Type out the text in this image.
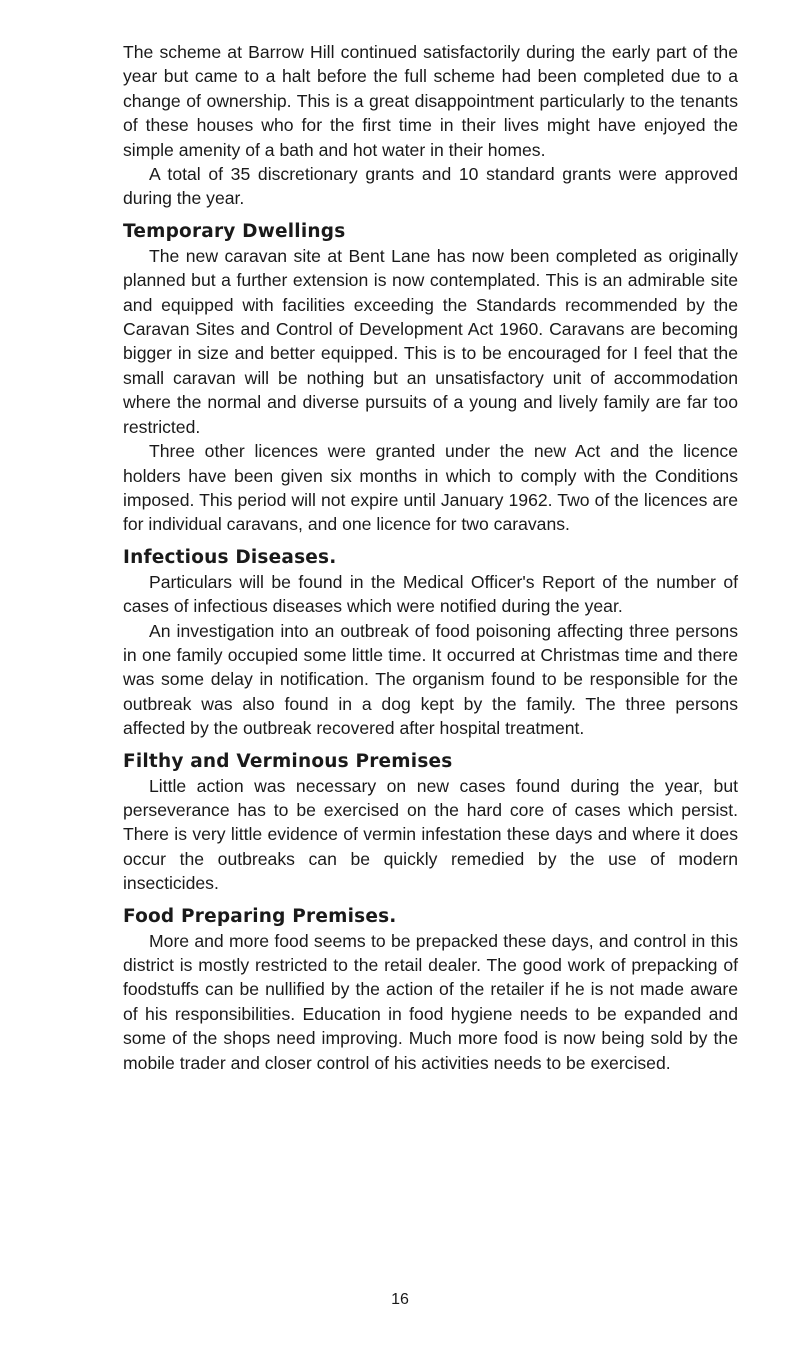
The scheme at Barrow Hill continued satisfactorily during the early part of the year but came to a halt before the full scheme had been completed due to a change of ownership. This is a great disappointment particularly to the tenants of these houses who for the first time in their lives might have enjoyed the simple amenity of a bath and hot water in their homes.

A total of 35 discretionary grants and 10 standard grants were approved during the year.

Temporary Dwellings

The new caravan site at Bent Lane has now been completed as originally planned but a further extension is now contemplated. This is an admirable site and equipped with facilities exceeding the Standards recommended by the Caravan Sites and Control of Development Act 1960. Caravans are becoming bigger in size and better equipped. This is to be encouraged for I feel that the small caravan will be nothing but an unsatisfactory unit of accommodation where the normal and diverse pursuits of a young and lively family are far too restricted.

Three other licences were granted under the new Act and the licence holders have been given six months in which to comply with the Conditions imposed. This period will not expire until January 1962. Two of the licences are for individual caravans, and one licence for two caravans.

Infectious Diseases.

Particulars will be found in the Medical Officer's Report of the number of cases of infectious diseases which were notified during the year.

An investigation into an outbreak of food poisoning affecting three persons in one family occupied some little time. It occurred at Christmas time and there was some delay in notification. The organism found to be responsible for the outbreak was also found in a dog kept by the family. The three persons affected by the outbreak recovered after hospital treatment.

Filthy and Verminous Premises

Little action was necessary on new cases found during the year, but perseverance has to be exercised on the hard core of cases which persist. There is very little evidence of vermin infestation these days and where it does occur the outbreaks can be quickly remedied by the use of modern insecticides.

Food Preparing Premises.

More and more food seems to be prepacked these days, and control in this district is mostly restricted to the retail dealer. The good work of prepacking of foodstuffs can be nullified by the action of the retailer if he is not made aware of his responsibilities. Education in food hygiene needs to be expanded and some of the shops need improving. Much more food is now being sold by the mobile trader and closer control of his activities needs to be exercised.

16
